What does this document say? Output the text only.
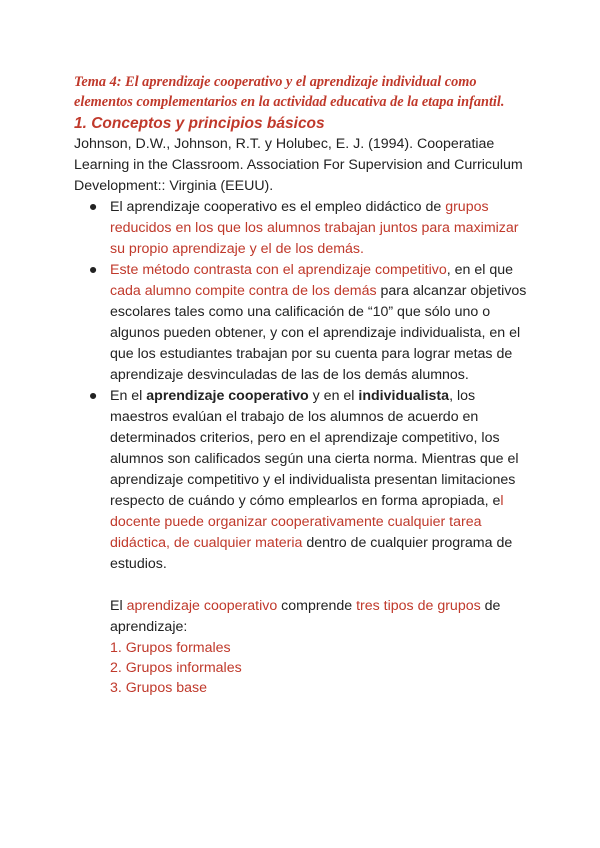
Tema 4: El aprendizaje cooperativo y el aprendizaje individual como elementos complementarios en la actividad educativa de la etapa infantil.

1. Conceptos y principios básicos

Johnson, D.W., Johnson, R.T. y Holubec, E. J. (1994). Cooperatiae Learning in the Classroom. Association For Supervision and Curriculum Development:: Virginia (EEUU).

● El aprendizaje cooperativo es el empleo didáctico de grupos reducidos en los que los alumnos trabajan juntos para maximizar su propio aprendizaje y el de los demás.
● Este método contrasta con el aprendizaje competitivo, en el que cada alumno compite contra de los demás para alcanzar objetivos escolares tales como una calificación de “10” que sólo uno o algunos pueden obtener, y con el aprendizaje individualista, en el que los estudiantes trabajan por su cuenta para lograr metas de aprendizaje desvinculadas de las de los demás alumnos.
● En el aprendizaje cooperativo y en el individualista, los maestros evalúan el trabajo de los alumnos de acuerdo en determinados criterios, pero en el aprendizaje competitivo, los alumnos son calificados según una cierta norma. Mientras que el aprendizaje competitivo y el individualista presentan limitaciones respecto de cuándo y cómo emplearlos en forma apropiada, el docente puede organizar cooperativamente cualquier tarea didáctica, de cualquier materia dentro de cualquier programa de estudios.
El aprendizaje cooperativo comprende tres tipos de grupos de aprendizaje:
1. Grupos formales
2. Grupos informales
3. Grupos base
